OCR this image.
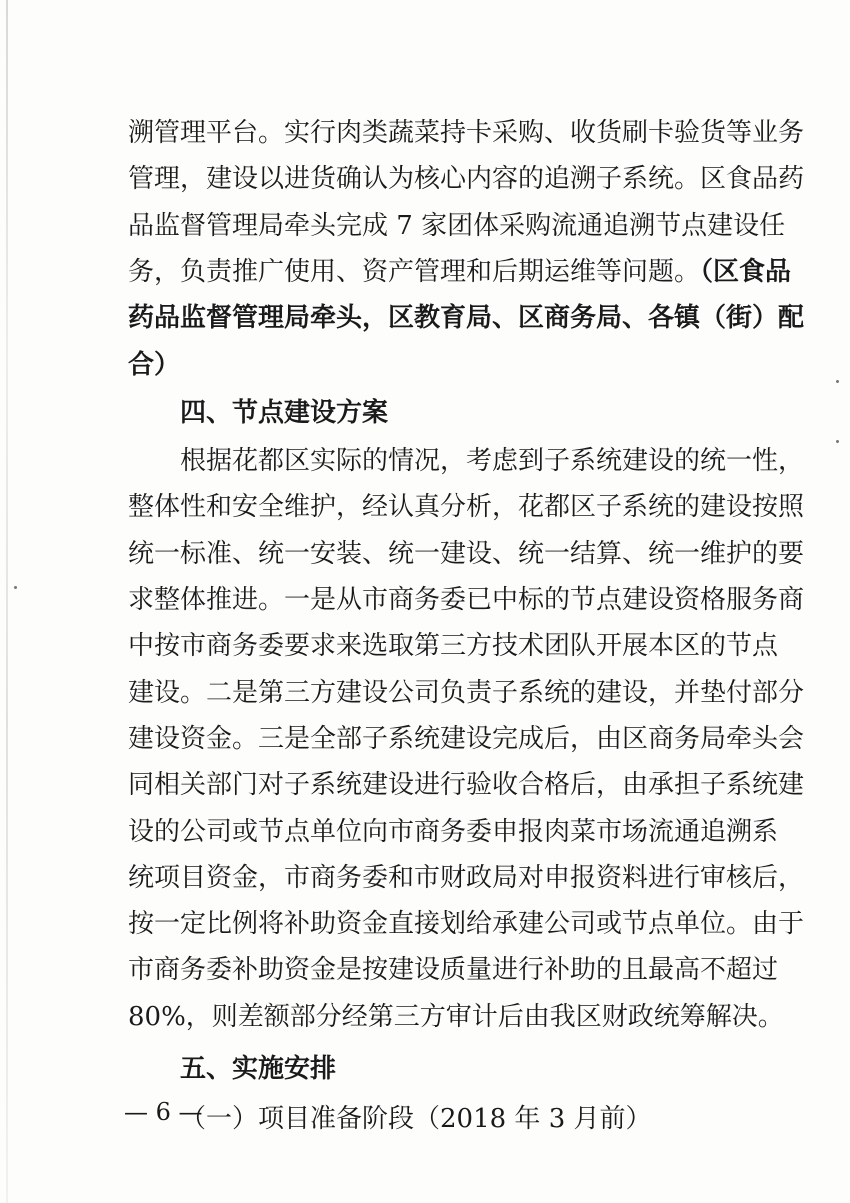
溯管理平台。实行肉类蔬菜持卡采购、收货刷卡验货等业务
管理，建设以进货确认为核心内容的追溯子系统。区食品药
品监督管理局牵头完成 7 家团体采购流通追溯节点建设任
务，负责推广使用、资产管理和后期运维等问题。（区食品
药品监督管理局牵头，区教育局、区商务局、各镇（街）配
合）
四、节点建设方案
根据花都区实际的情况，考虑到子系统建设的统一性，
整体性和安全维护，经认真分析，花都区子系统的建设按照
统一标准、统一安装、统一建设、统一结算、统一维护的要
求整体推进。一是从市商务委已中标的节点建设资格服务商
中按市商务委要求来选取第三方技术团队开展本区的节点
建设。二是第三方建设公司负责子系统的建设，并垫付部分
建设资金。三是全部子系统建设完成后，由区商务局牵头会
同相关部门对子系统建设进行验收合格后，由承担子系统建
设的公司或节点单位向市商务委申报肉菜市场流通追溯系
统项目资金，市商务委和市财政局对申报资料进行审核后，
按一定比例将补助资金直接划给承建公司或节点单位。由于
市商务委补助资金是按建设质量进行补助的且最高不超过
80%，则差额部分经第三方审计后由我区财政统筹解决。
— 6 —
五、实施安排
（一）项目准备阶段（2018 年 3 月前）
